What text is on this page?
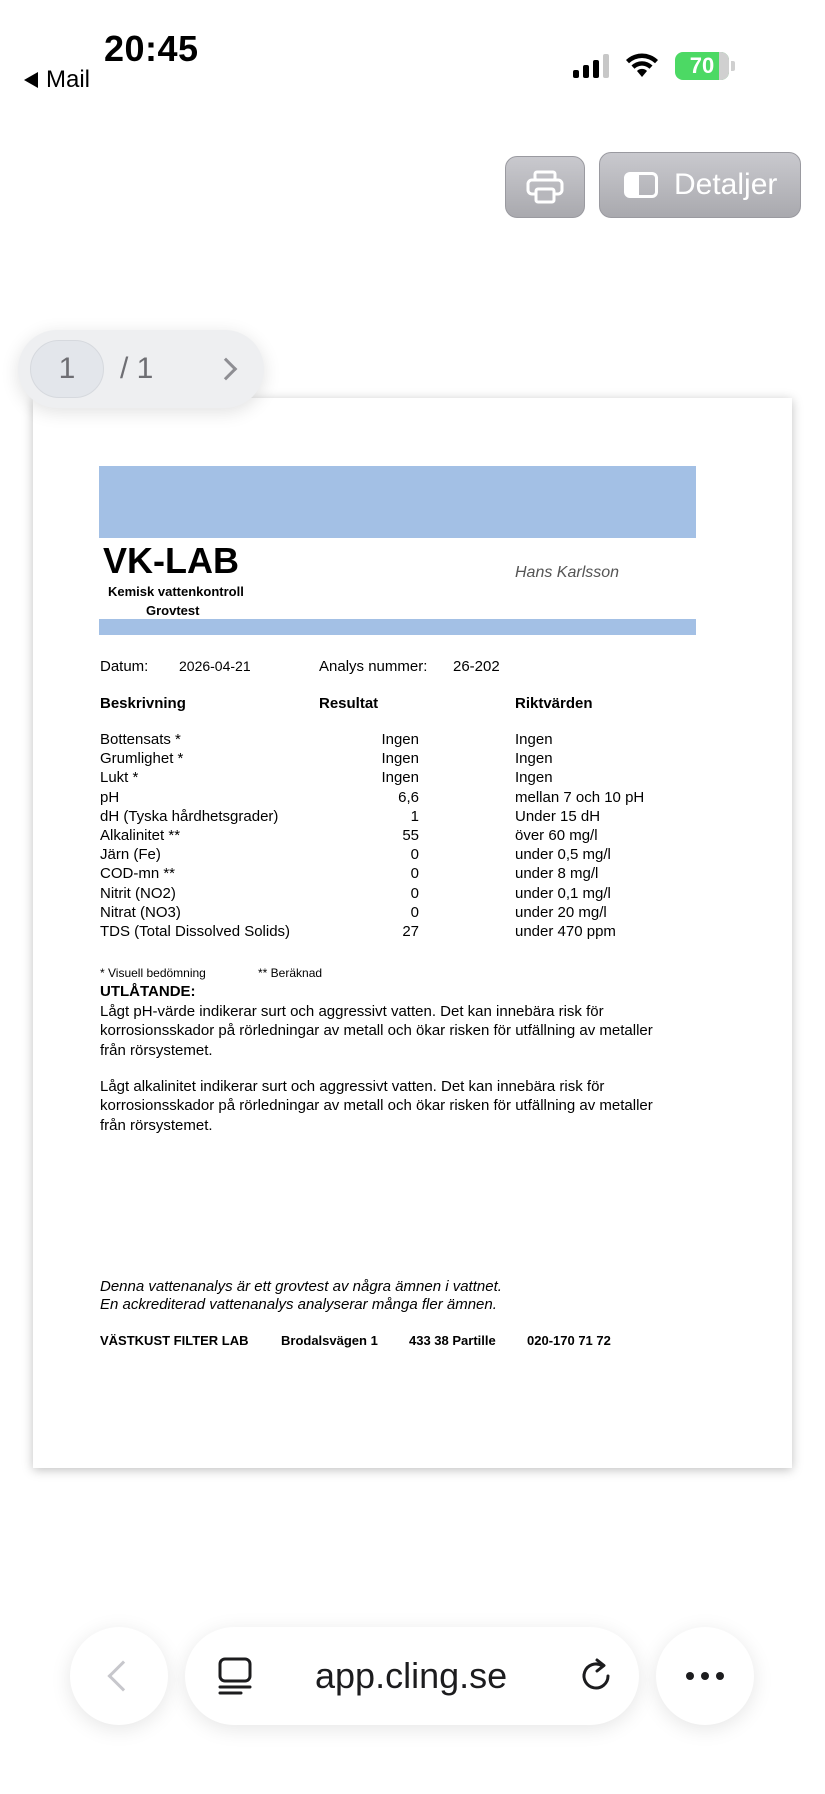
20:45
Mail
70
Detaljer
1	/ 1
VK-LAB
Kemisk vattenkontroll
Grovtest
Hans Karlsson
Datum: 2026-04-21	Analys nummer: 26-202
Beskrivning	Resultat	Riktvärden
Bottensats *	Ingen	Ingen
Grumlighet *	Ingen	Ingen
Lukt *	Ingen	Ingen
pH	6,6	mellan 7 och 10 pH
dH (Tyska hårdhetsgrader)	1	Under 15 dH
Alkalinitet **	55	över 60 mg/l
Järn (Fe)	0	under 0,5 mg/l
COD-mn **	0	under 8 mg/l
Nitrit (NO2)	0	under 0,1 mg/l
Nitrat (NO3)	0	under 20 mg/l
TDS (Total Dissolved Solids)	27	under 470 ppm
* Visuell bedömning	** Beräknad
UTLÅTANDE:
Lågt pH-värde indikerar surt och aggressivt vatten. Det kan innebära risk för korrosionsskador på rörledningar av metall och ökar risken för utfällning av metaller från rörsystemet.
Lågt alkalinitet indikerar surt och aggressivt vatten. Det kan innebära risk för korrosionsskador på rörledningar av metall och ökar risken för utfällning av metaller från rörsystemet.
Denna vattenanalys är ett grovtest av några ämnen i vattnet.
En ackrediterad vattenanalys analyserar många fler ämnen.
VÄSTKUST FILTER LAB Brodalsvägen 1 433 38 Partille 020-170 71 72
app.cling.se
